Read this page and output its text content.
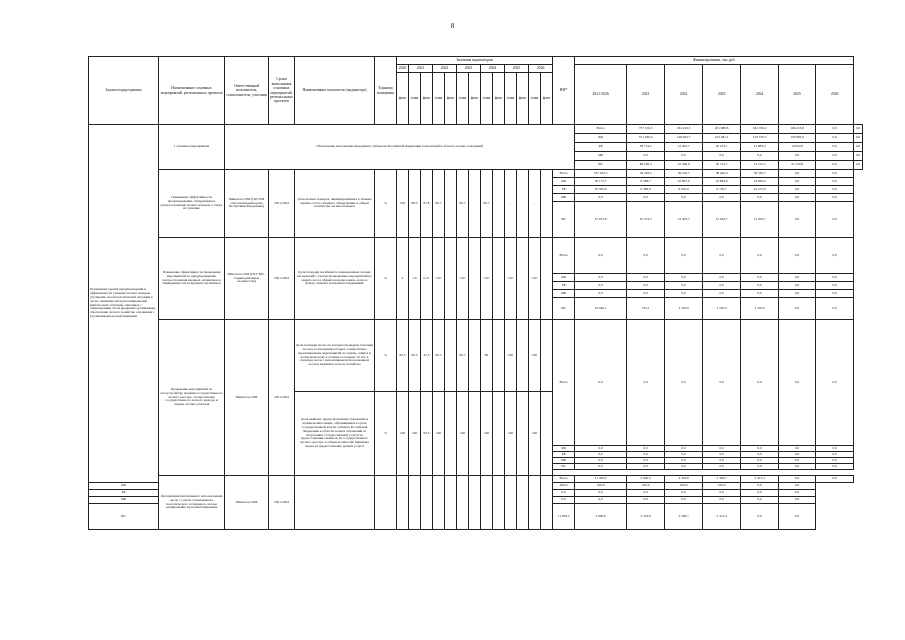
8
Задачи подпрограммы	Наименование основных мероприятий, региональных проектов	Ответственный исполнитель, соисполнитель, участник	Сроки выполнения основных мероприятий, региональных проектов	Наименование показателя (индикатора)	Единица измерения	Значения индикаторов													ИФ*	Финансирование, тыс.руб.							
						2020	2021		2022		2023		2024		2025		2026			2021-2026	2021	2022	2023	2024	2025	2026	
						факт	план	факт	план	факт	план	факт	план	факт	план	факт	план	факт									
Повышение уровня предупреждения и эффективности тушения лесных пожаров, улучшение лесопатологической ситуации в лесах, снижение рисков возникновения критических ситуаций, связанных с повреждением лесов вредными организмами, обеспечение лесного хозяйства основными с улучшенными наследственными	1 основное мероприятие	Обеспечение исполнения переданных субъектам Российской Федерации полномочий в области лесных отношений																		Всего	737 156,3	184 129,5	201 989,8	162 706,2	166 215,8	0,0	0,0
																				ФБ	571 299,4	148 964,7	163 281,1	129 370,5	130 683,0	0,0	0,0
																				РБ	59 714,2	12 404,7	20 474,1	12 883,2	14 952,0	0,0	0,0
																				МБ	0,0	0,0	0,0	0,0	0,0	0,0	0,0
																				ВС	86 196,3	22 560,9	20 152,7	21 512,5	21 520,8	0,0	0,0
	Повышение эффективности предупреждения, обнаружения и распространения лесных пожаров, а также их тушение	Минлесхоз РМ (ГАУ РМ «Лесопожарный центр Республики Мордовия»)	2021-2024	Доля лесных пожаров, ликвидированных в течение первых суток с момента обнаружения, в общем количестве лесных пожаров	%	100	88,5	81,8	85,7		85,7		85,7		-		-		Всего	167 022,5	39 228,5	56 310,7	38 492,4	39 530,7	0,0	0,0	
																			ФБ	39 172,7	8 586,7	16 867,0	16 863,0	16 862,0	0,0	0,0	
																			РБ	35 595,6	9 386,9	6 955,0	9 136,7	10 275,0	0,0	0,0	
																			МБ	0,0	0,0	0,0	0,0	0,0	0,0	0,0	
																			ВС	47 053,8	10 374,3	12 493,7	12 493,7	12 493,7	0,0	0,0	
	Повышение эффективности проведения мероприятий по предупреждению распространения вредных организмов и ликвидации очагов вредных организмов	Минлесхоз РМ (ГКУ РМ - территориальные лесничества)	2021-2024	Доля площади погибших и поврежденных лесных насаждений с учетом проведенных мероприятий по защите леса в общей площади земель лесного фонда, занятых лесными насаждениями	%	2	1,9	0,21	1,87		1,87		1,87		1,87		1,87		Всего	0,0	0,0	0,0	0,0	0,0	0,0	0,0	
																			ФБ	0,0	0,0	0,0	0,0	0,0	0,0	0,0	
																			РБ	0,0	0,0	0,0	0,0	0,0	0,0	0,0	
																			МБ	0,0	0,0	0,0	0,0	0,0	0,0	0,0	
																			ВС	10 040,1	725,1	3 105,0	3 105,0	3 105,0	0,0	0,0	
	Проведение мероприятий по лесоустройству, ведению государственного лесного реестра, осуществление государственного лесного надзора и охраны лесных участков	Минлесхоз РМ	2021-2024	Доля площади лесов, на которых проведена таксация лесов и в отношении которых осуществлено проектирование мероприятий по охране, защите и воспроизводству в течение последних 10 лет, в площади лесов с интенсивным использованием лесов и ведением лесного хозяйства	%	82,5	90,5	47,5	90,5		85,7		86		100		100		Всего	0,0	0,0	0,0	0,0	0,0	0,0	0,0	

				Доля выявлен. предусмотренных гражданам и юридическим лицам, обратившимся в орган государственной власти субъекта Российской Федерации в области лесных отношений за получением государственной услуги по предоставлению выписок из государственного лесного реестра, в общем количестве принятых выдач на предоставление данной услуги	%	100	100	93,3	100		100		100		100		100										

																			ФБ	0,0	0,0	0,0	0,0	0,0	0,0	0,0	
																			РБ	0,0	0,0	0,0	0,0	0,0	0,0	0,0	
																			МБ	0,0	0,0	0,0	0,0	0,0	0,0	0,0	
																			ВС	0,0	0,0	0,0	0,0	0,0	0,0	0,0	

	Организация интенсивного использования лесов с учетом сохранения их экологического потенциала, лесное планирование и регламентирование	Минлесхоз РМ	2021-2024																Всего	11 439,3	2 940,5	2 433,6	2 399,7	2 415,4	0,0	0,0	
ФБ																			400,0	100,0	100,0	100,0	100,0	0,0	0,0		
РБ																			0,0	0,0	0,0	0,0	0,0	0,0	0,0		
МБ																			0,0	0,0	0,0	0,0	0,0	0,0	0,0		
ВС																			11 039,3	4 090,6	2 333,6	2 299,7	2 315,4	0,0	0,0		
